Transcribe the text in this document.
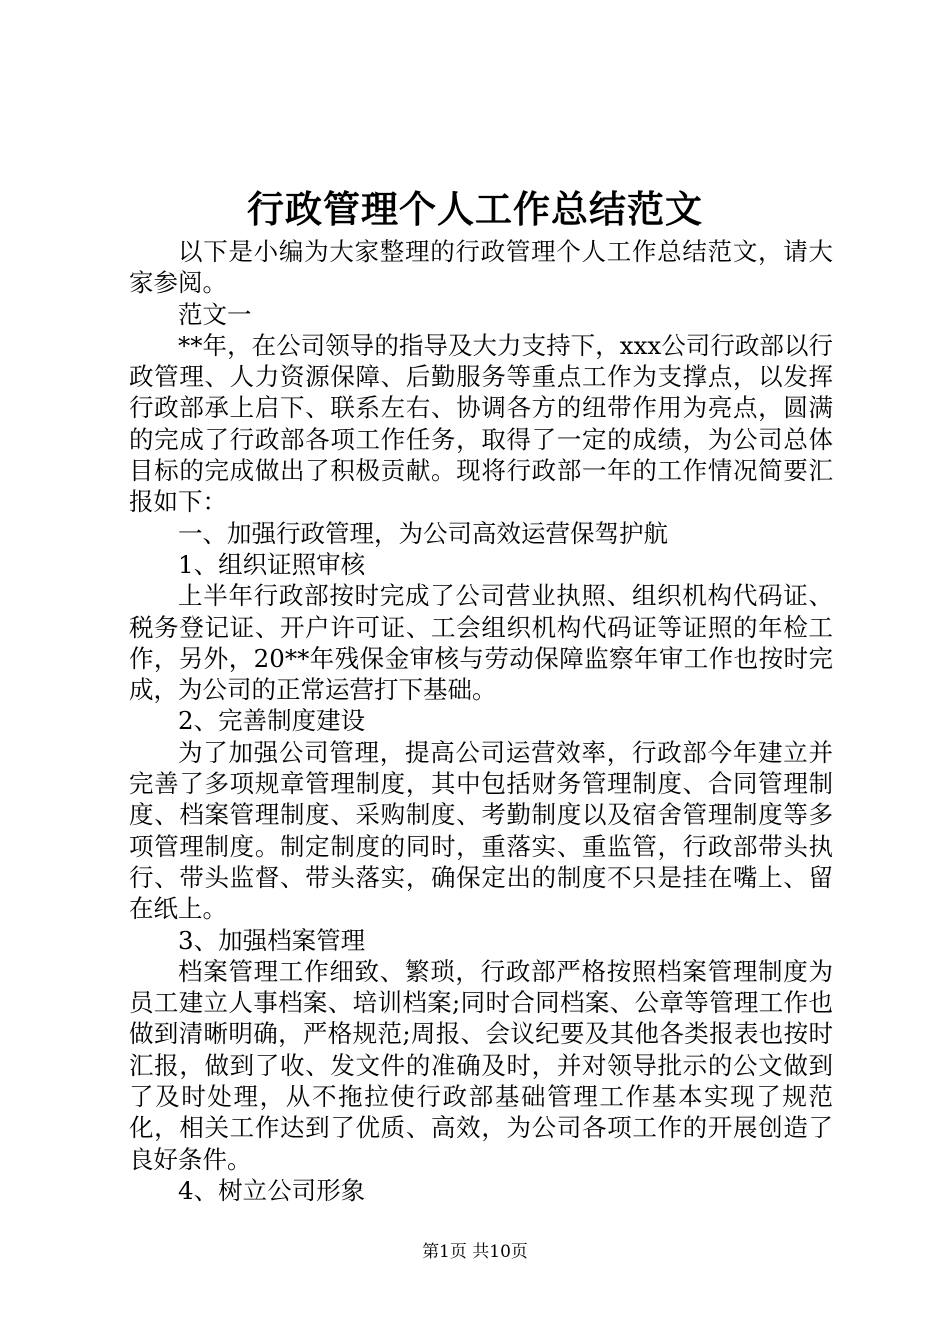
行政管理个人工作总结范文

以下是小编为大家整理的行政管理个人工作总结范文，请大家参阅。

范文一

**年，在公司领导的指导及大力支持下，xxx公司行政部以行政管理、人力资源保障、后勤服务等重点工作为支撑点，以发挥行政部承上启下、联系左右、协调各方的纽带作用为亮点，圆满的完成了行政部各项工作任务，取得了一定的成绩，为公司总体目标的完成做出了积极贡献。现将行政部一年的工作情况简要汇报如下：

一、加强行政管理，为公司高效运营保驾护航

1、组织证照审核

上半年行政部按时完成了公司营业执照、组织机构代码证、税务登记证、开户许可证、工会组织机构代码证等证照的年检工作，另外，20**年残保金审核与劳动保障监察年审工作也按时完成，为公司的正常运营打下基础。

2、完善制度建设

为了加强公司管理，提高公司运营效率，行政部今年建立并完善了多项规章管理制度，其中包括财务管理制度、合同管理制度、档案管理制度、采购制度、考勤制度以及宿舍管理制度等多项管理制度。制定制度的同时，重落实、重监管，行政部带头执行、带头监督、带头落实，确保定出的制度不只是挂在嘴上、留在纸上。

3、加强档案管理

档案管理工作细致、繁琐，行政部严格按照档案管理制度为员工建立人事档案、培训档案;同时合同档案、公章等管理工作也做到清晰明确，严格规范;周报、会议纪要及其他各类报表也按时汇报，做到了收、发文件的准确及时，并对领导批示的公文做到了及时处理，从不拖拉使行政部基础管理工作基本实现了规范化，相关工作达到了优质、高效，为公司各项工作的开展创造了良好条件。

4、树立公司形象

第1页 共10页
